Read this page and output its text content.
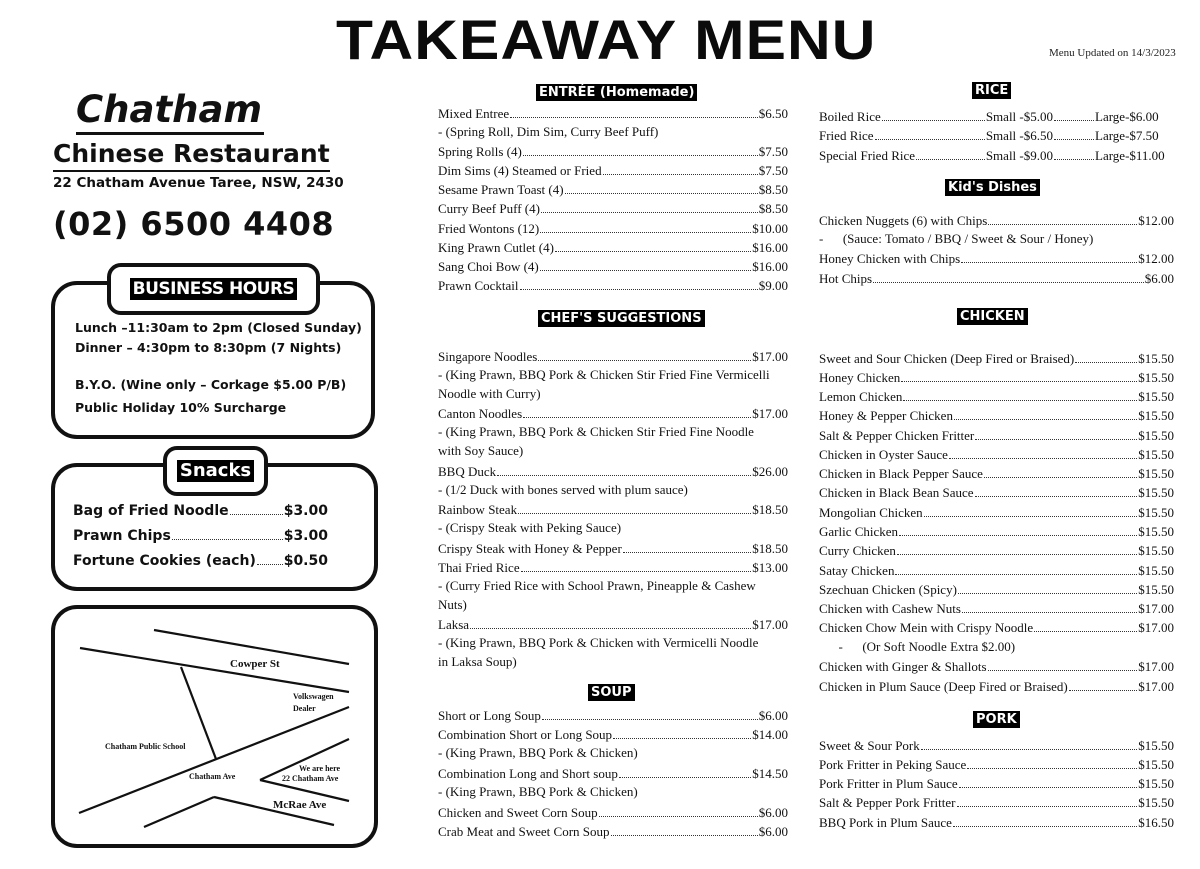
TAKEAWAY MENU	Menu Updated on 14/3/2023
Chatham
Chinese Restaurant
22 Chatham Avenue Taree, NSW, 2430
(02) 6500 4408
BUSINESS HOURS
Lunch –11:30am to 2pm (Closed Sunday)
Dinner – 4:30pm to 8:30pm (7 Nights)
B.Y.O. (Wine only – Corkage $5.00 P/B)
Public Holiday 10% Surcharge
Snacks
Bag of Fried Noodle	$3.00
Prawn Chips	$3.00
Fortune Cookies (each) $0.50
Cowper St
Volkswagen
Dealer
Chatham Public School
Chatham Ave
We are here
22 Chatham Ave
McRae Ave
ENTRÉE (Homemade)
Mixed Entree	$6.50
- (Spring Roll, Dim Sim, Curry Beef Puff)
Spring Rolls (4)	$7.50
Dim Sims (4) Steamed or Fried	$7.50
Sesame Prawn Toast (4)	$8.50
Curry Beef Puff (4)	$8.50
Fried Wontons (12)	$10.00
King Prawn Cutlet (4)	$16.00
Sang Choi Bow (4)	$16.00
Prawn Cocktail	$9.00
CHEF'S SUGGESTIONS
Singapore Noodles	$17.00
- (King Prawn, BBQ Pork & Chicken Stir Fried Fine Vermicelli
Noodle with Curry)
Canton Noodles	$17.00
- (King Prawn, BBQ Pork & Chicken Stir Fried Fine Noodle
with Soy Sauce)
BBQ Duck	$26.00
- (1/2 Duck with bones served with plum sauce)
Rainbow Steak	$18.50
- (Crispy Steak with Peking Sauce)
Crispy Steak with Honey & Pepper	$18.50
Thai Fried Rice	$13.00
- (Curry Fried Rice with School Prawn, Pineapple & Cashew
Nuts)
Laksa	$17.00
- (King Prawn, BBQ Pork & Chicken with Vermicelli Noodle
in Laksa Soup)
SOUP
Short or Long Soup	$6.00
Combination Short or Long Soup	$14.00
- (King Prawn, BBQ Pork & Chicken)
Combination Long and Short soup	$14.50
- (King Prawn, BBQ Pork & Chicken)
Chicken and Sweet Corn Soup	$6.00
Crab Meat and Sweet Corn Soup	$6.00
RICE
Boiled Rice	Small -$5.00	Large-$6.00
Fried Rice	Small -$6.50	Large-$7.50
Special Fried Rice	Small -$9.00	Large-$11.00
Kid's Dishes
Chicken Nuggets (6) with Chips	$12.00
-      (Sauce: Tomato / BBQ / Sweet & Sour / Honey)
Honey Chicken with Chips	$12.00
Hot Chips	$6.00
CHICKEN
Sweet and Sour Chicken (Deep Fired or Braised)	$15.50
Honey Chicken	$15.50
Lemon Chicken	$15.50
Honey & Pepper Chicken	$15.50
Salt & Pepper Chicken Fritter	$15.50
Chicken in Oyster Sauce	$15.50
Chicken in Black Pepper Sauce	$15.50
Chicken in Black Bean Sauce	$15.50
Mongolian Chicken	$15.50
Garlic Chicken	$15.50
Curry Chicken	$15.50
Satay Chicken	$15.50
Szechuan Chicken (Spicy)	$15.50
Chicken with Cashew Nuts	$17.00
Chicken Chow Mein with Crispy Noodle	$17.00
-      (Or Soft Noodle Extra $2.00)
Chicken with Ginger & Shallots	$17.00
Chicken in Plum Sauce (Deep Fired or Braised)	$17.00
PORK
Sweet & Sour Pork	$15.50
Pork Fritter in Peking Sauce	$15.50
Pork Fritter in Plum Sauce	$15.50
Salt & Pepper Pork Fritter	$15.50
BBQ Pork in Plum Sauce	$16.50
